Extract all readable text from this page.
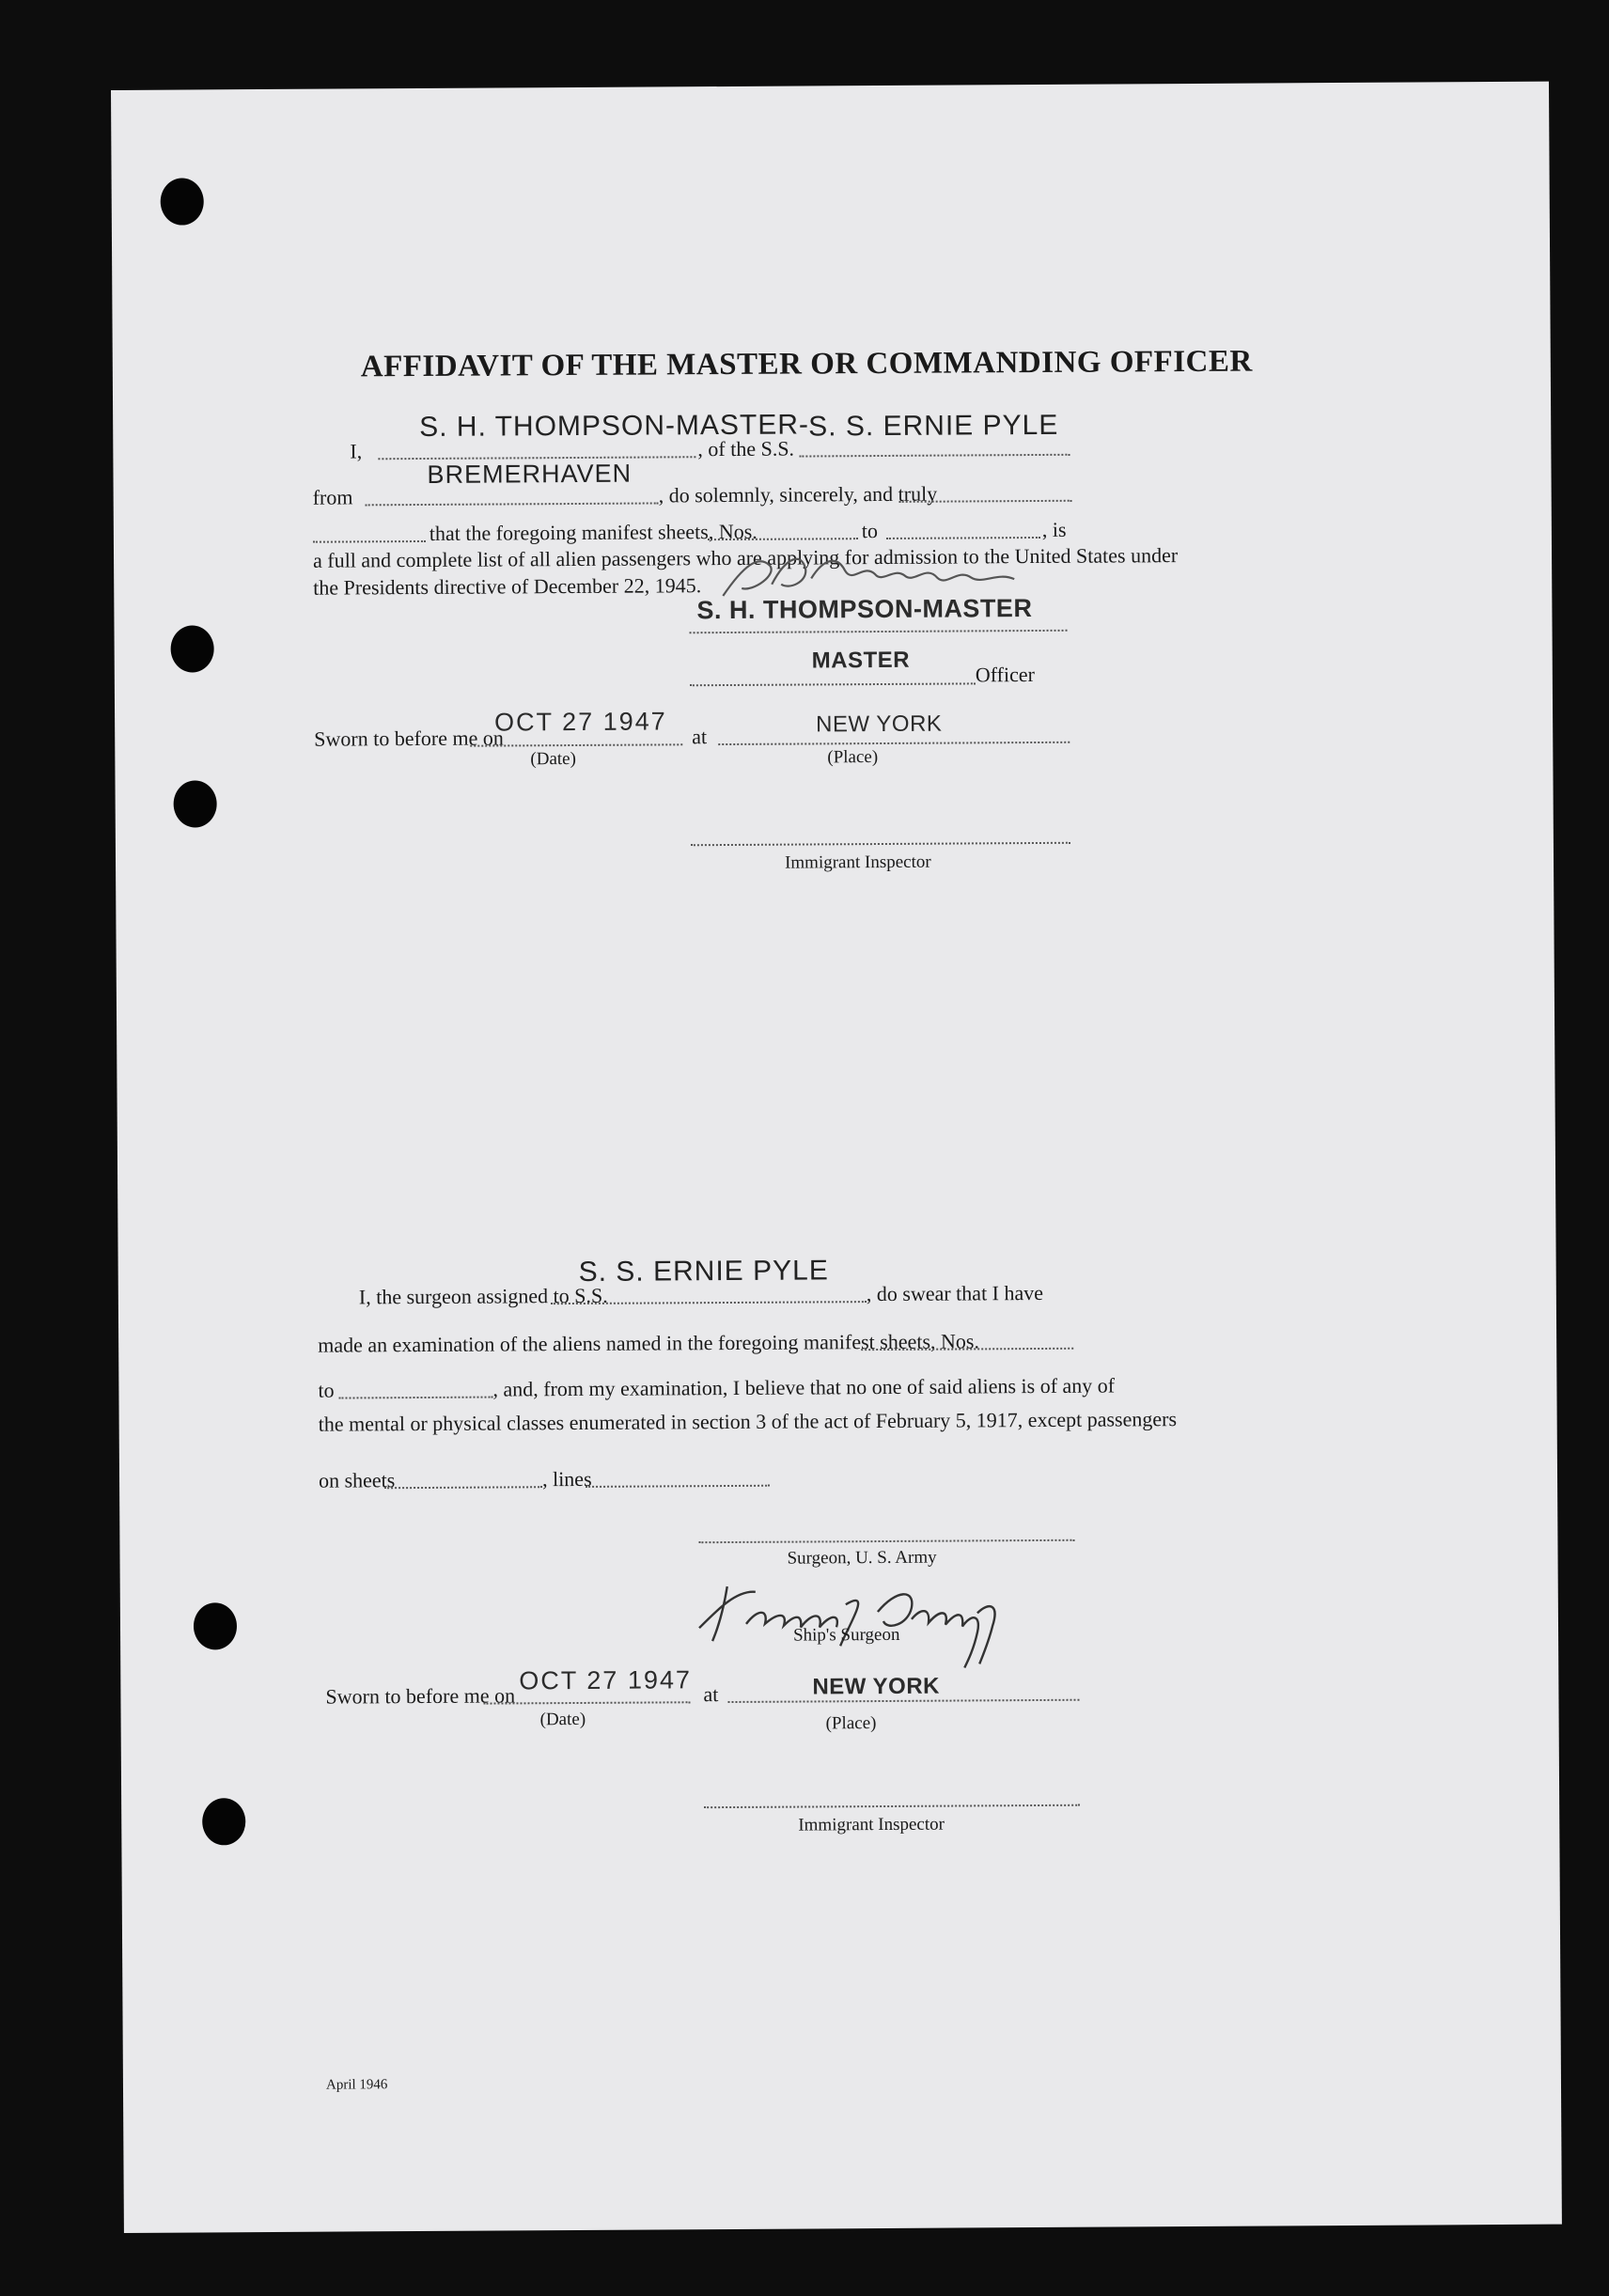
AFFIDAVIT OF THE MASTER OR COMMANDING OFFICER
I,
S. H. THOMPSON-MASTER-
, of the S.S.
S. S. ERNIE PYLE
from
BREMERHAVEN
, do solemnly, sincerely, and truly
that the foregoing manifest sheets, Nos.	to	, is
a full and complete list of all alien passengers who are applying for admission to the United States under
the Presidents directive of December 22, 1945.
S. H. THOMPSON-MASTER
MASTER
Officer
Sworn to before me on
OCT 27 1947
at	NEW YORK
(Date)	(Place)
Immigrant Inspector
I, the surgeon assigned to S.S.
S. S. ERNIE PYLE
, do swear that I have
made an examination of the aliens named in the foregoing manifest sheets, Nos.
to	, and, from my examination, I believe that no one of said aliens is of any of
the mental or physical classes enumerated in section 3 of the act of February 5, 1917, except passengers
on sheets	, lines
Surgeon, U. S. Army
Ship's Surgeon
Sworn to before me on
OCT 27 1947 at	NEW YORK
(Date)	(Place)
Immigrant Inspector
April 1946
